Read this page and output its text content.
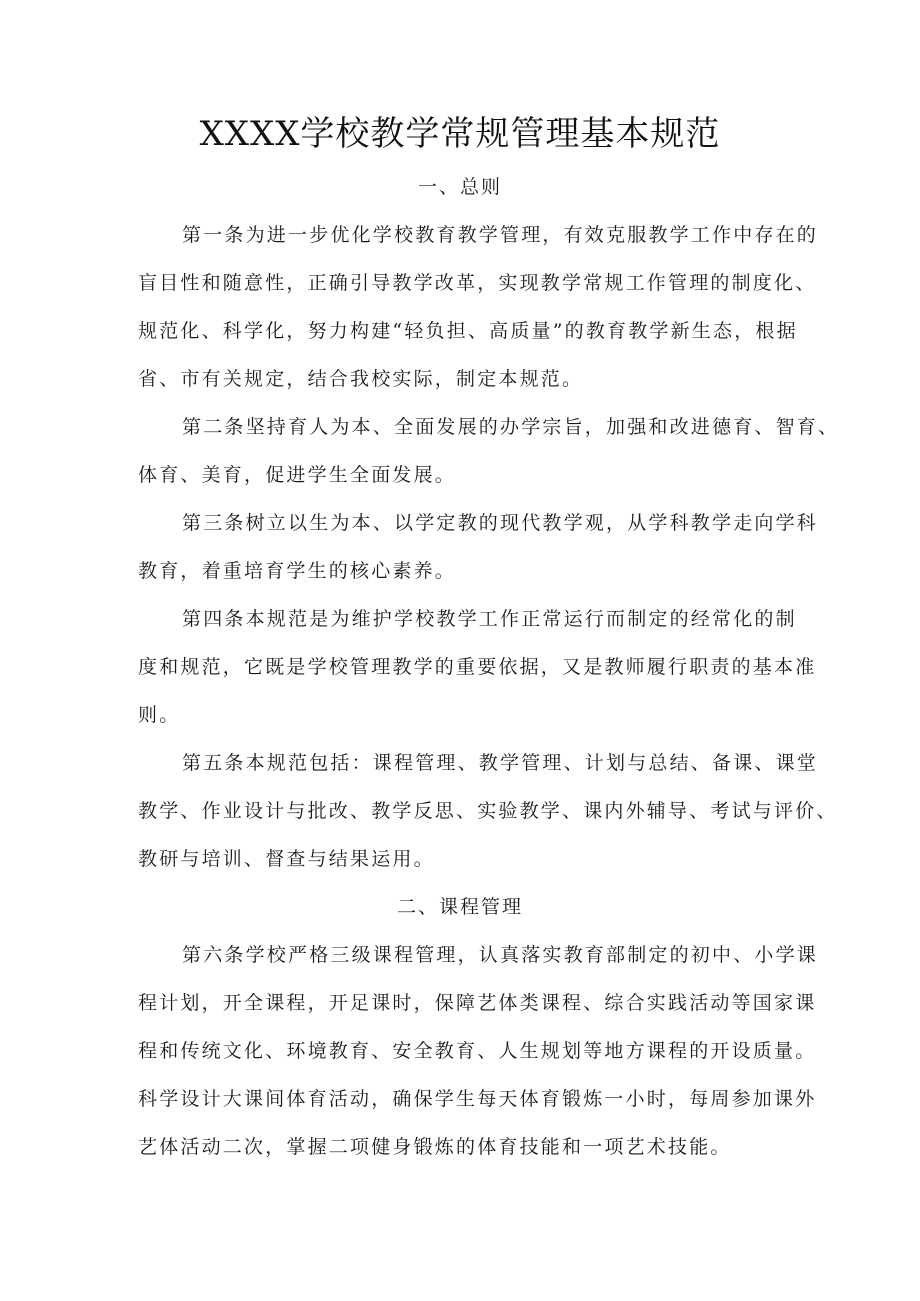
XXXX学校教学常规管理基本规范
一、总则
第一条为进一步优化学校教育教学管理，有效克服教学工作中存在的
盲目性和随意性，正确引导教学改革，实现教学常规工作管理的制度化、
规范化、科学化，努力构建“轻负担、高质量”的教育教学新生态，根据
省、市有关规定，结合我校实际，制定本规范。
第二条坚持育人为本、全面发展的办学宗旨，加强和改进德育、智育、
体育、美育，促进学生全面发展。
第三条树立以生为本、以学定教的现代教学观，从学科教学走向学科
教育，着重培育学生的核心素养。
第四条本规范是为维护学校教学工作正常运行而制定的经常化的制
度和规范，它既是学校管理教学的重要依据，又是教师履行职责的基本准
则。
第五条本规范包括：课程管理、教学管理、计划与总结、备课、课堂
教学、作业设计与批改、教学反思、实验教学、课内外辅导、考试与评价、
教研与培训、督查与结果运用。
二、课程管理
第六条学校严格三级课程管理，认真落实教育部制定的初中、小学课
程计划，开全课程，开足课时，保障艺体类课程、综合实践活动等国家课
程和传统文化、环境教育、安全教育、人生规划等地方课程的开设质量。
科学设计大课间体育活动，确保学生每天体育锻炼一小时，每周参加课外
艺体活动二次，掌握二项健身锻炼的体育技能和一项艺术技能。
